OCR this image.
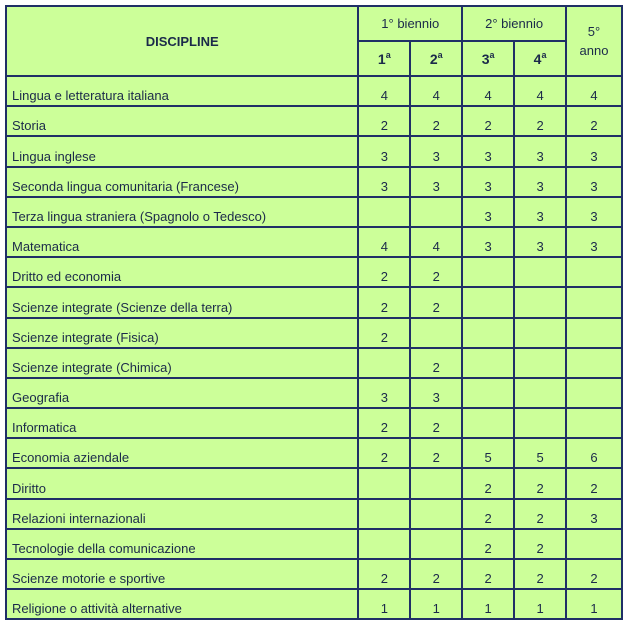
DISCIPLINE	1° biennio		2° biennio		5°
anno
	1$^a$	2$^a$	3$^a$	4$^a$
Lingua e letteratura italiana	4	4	4	4	4
Storia	2	2	2	2	2
Lingua inglese	3	3	3	3	3
Seconda lingua comunitaria (Francese)	3	3	3	3	3
Terza lingua straniera (Spagnolo o Tedesco)			3	3	3
Matematica	4	4	3	3	3
Dritto ed economia	2	2			
Scienze integrate (Scienze della terra)	2	2			
Scienze integrate (Fisica)	2				
Scienze integrate (Chimica)		2			
Geografia	3	3			
Informatica	2	2			
Economia aziendale	2	2	5	5	6
Diritto			2	2	2
Relazioni internazionali			2	2	3
Tecnologie della comunicazione			2	2	
Scienze motorie e sportive	2	2	2	2	2
Religione o attività alternative	1	1	1	1	1
